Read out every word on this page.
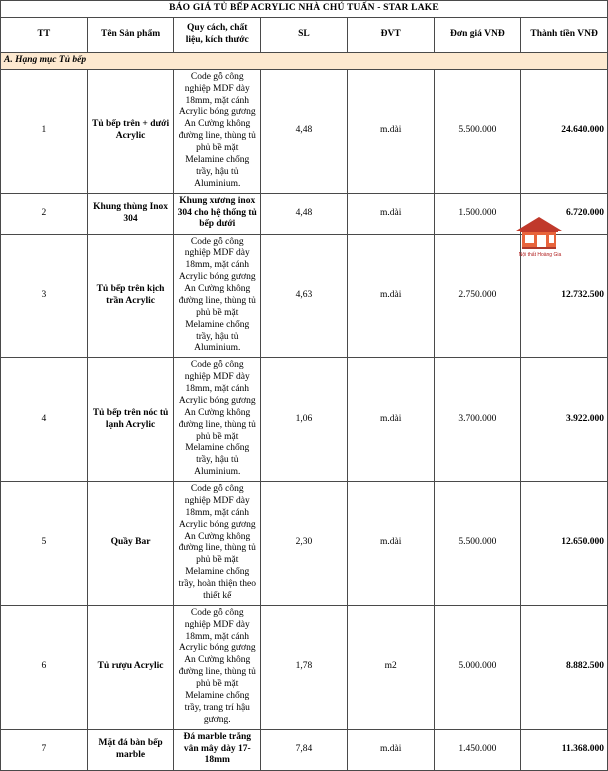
BÁO GIÁ TỦ BẾP ACRYLIC NHÀ CHÚ TUẤN - STAR LAKE						
TT	Tên Sản phẩm	Quy cách, chất liệu, kích thước	SL	ĐVT	Đơn giá VNĐ	Thành tiền VNĐ
A. Hạng mục Tủ bếp						
1	Tủ bếp trên + dưới Acrylic	Code gỗ công nghiệp MDF dày 18mm, mặt cánh Acrylic bóng gương An Cường không đường line, thùng tủ phủ bề mặt Melamine chống trầy, hậu tủ Aluminium.	4,48	m.dài	5.500.000	24.640.000
2	Khung thùng Inox 304	Khung xương inox 304 cho hệ thống tủ bếp dưới	4,48	m.dài	1.500.000	6.720.000
3	Tủ bếp trên kịch trần Acrylic	Code gỗ công nghiệp MDF dày 18mm, mặt cánh Acrylic bóng gương An Cường không đường line, thùng tủ phủ bề mặt Melamine chống trầy, hậu tủ Aluminium.	4,63	m.dài	2.750.000	12.732.500
4	Tủ bếp trên nóc tủ lạnh Acrylic	Code gỗ công nghiệp MDF dày 18mm, mặt cánh Acrylic bóng gương An Cường không đường line, thùng tủ phủ bề mặt Melamine chống trầy, hậu tủ Aluminium.	1,06	m.dài	3.700.000	3.922.000
5	Quầy Bar	Code gỗ công nghiệp MDF dày 18mm, mặt cánh Acrylic bóng gương An Cường không đường line, thùng tủ phủ bề mặt Melamine chống trầy, hoàn thiện theo thiết kế	2,30	m.dài	5.500.000	12.650.000
6	Tủ rượu Acrylic	Code gỗ công nghiệp MDF dày 18mm, mặt cánh Acrylic bóng gương An Cường không đường line, thùng tủ phủ bề mặt Melamine chống trầy, trang trí hậu gương.	1,78	m2	5.000.000	8.882.500
7	Mặt đá bàn bếp marble	Đá marble trắng vân mây dày 17- 18mm	7,84	m.dài	1.450.000	11.368.000
Nội thất Hoàng Gia
